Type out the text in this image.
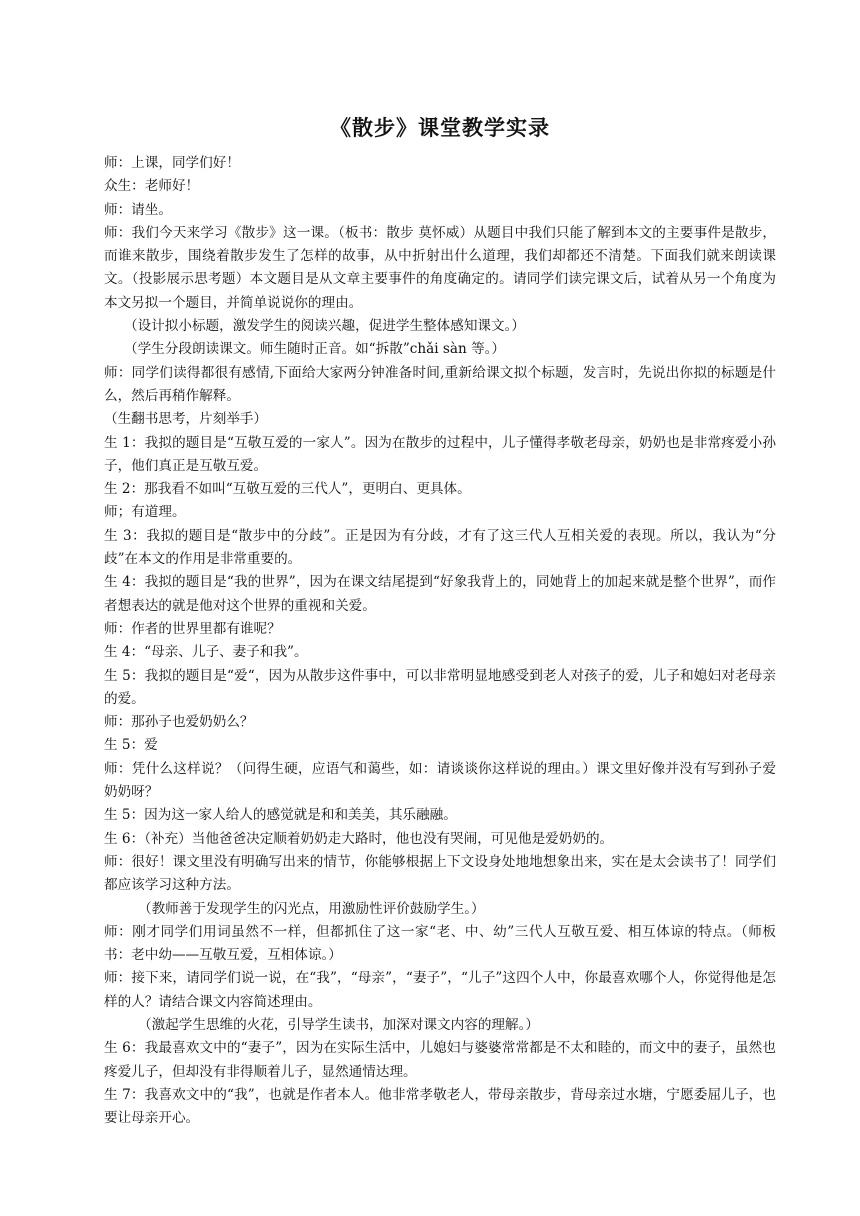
《散步》课堂教学实录

师：上课，同学们好！

众生：老师好！

师：请坐。

师：我们今天来学习《散步》这一课。（板书：散步 莫怀威）从题目中我们只能了解到本文的主要事件是散步，而谁来散步，围绕着散步发生了怎样的故事，从中折射出什么道理，我们却都还不清楚。下面我们就来朗读课文。（投影展示思考题）本文题目是从文章主要事件的角度确定的。请同学们读完课文后，试着从另一个角度为本文另拟一个题目，并简单说说你的理由。

（设计拟小标题，激发学生的阅读兴趣，促进学生整体感知课文。）

（学生分段朗读课文。师生随时正音。如“拆散”chǎi sàn 等。）

师：同学们读得都很有感情,下面给大家两分钟准备时间,重新给课文拟个标题，发言时，先说出你拟的标题是什么，然后再稍作解释。

（生翻书思考，片刻举手）

生 1：我拟的题目是“互敬互爱的一家人”。因为在散步的过程中，儿子懂得孝敬老母亲，奶奶也是非常疼爱小孙子，他们真正是互敬互爱。

生 2：那我看不如叫“互敬互爱的三代人”，更明白、更具体。

师；有道理。

生 3：我拟的题目是“散步中的分歧”。正是因为有分歧，才有了这三代人互相关爱的表现。所以，我认为“分歧”在本文的作用是非常重要的。

生 4：我拟的题目是“我的世界”，因为在课文结尾提到“好象我背上的，同她背上的加起来就是整个世界”，而作者想表达的就是他对这个世界的重视和关爱。

师：作者的世界里都有谁呢？

生 4：“母亲、儿子、妻子和我”。

生 5：我拟的题目是“爱“，因为从散步这件事中，可以非常明显地感受到老人对孩子的爱，儿子和媳妇对老母亲的爱。

师：那孙子也爱奶奶么？

生 5：爱

师：凭什么这样说？（问得生硬，应语气和蔼些，如：请谈谈你这样说的理由。）课文里好像并没有写到孙子爱奶奶呀？

生 5：因为这一家人给人的感觉就是和和美美，其乐融融。

生 6：（补充）当他爸爸决定顺着奶奶走大路时，他也没有哭闹，可见他是爱奶奶的。

师：很好！课文里没有明确写出来的情节，你能够根据上下文设身处地地想象出来，实在是太会读书了！同学们都应该学习这种方法。

（教师善于发现学生的闪光点，用激励性评价鼓励学生。）

师：刚才同学们用词虽然不一样，但都抓住了这一家“老、中、幼”三代人互敬互爱、相互体谅的特点。（师板书：老中幼——互敬互爱，互相体谅。）

师：接下来，请同学们说一说，在“我”，“母亲”，“妻子”，“儿子”这四个人中，你最喜欢哪个人，你觉得他是怎样的人？请结合课文内容简述理由。

（激起学生思维的火花，引导学生读书，加深对课文内容的理解。）

生 6：我最喜欢文中的“妻子”，因为在实际生活中，儿媳妇与婆婆常常都是不太和睦的，而文中的妻子，虽然也疼爱儿子，但却没有非得顺着儿子，显然通情达理。

生 7：我喜欢文中的“我”，也就是作者本人。他非常孝敬老人，带母亲散步，背母亲过水塘，宁愿委屈儿子，也要让母亲开心。
